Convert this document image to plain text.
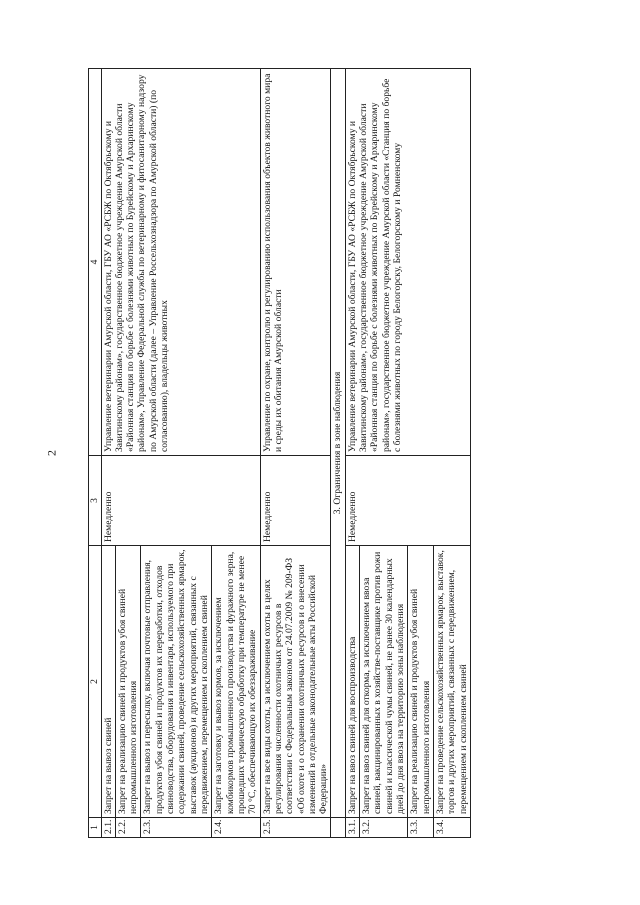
2
1	2	3	4
2.1.	Запрет на вывоз свиней	Немедленно	Управление ветеринарии Амурской области, ГБУ АО «РСБЖ по Октябрьскому и Завитинскому районам», государственное бюджетное учреждение Амурской области «Районная станция по борьбе с болезнями животных по Бурейскому и Архаринскому районам», Управление Федеральной службы по ветеринарному и фитосанитарному надзору по Амурской области (далее – Управление Россельхознадзора по Амурской области) (по согласованию), владельцы животных
2.2.	Запрет на реализацию свиней и продуктов убоя свиней непромышленного изготовления		
2.3.	Запрет на вывоз и пересылку, включая почтовые отправления, продуктов убоя свиней и продуктов их переработки, отходов свиноводства, оборудования и инвентаря, используемого при содержании свиней, проведение сельскохозяйственных ярмарок, выставок (аукционов) и других мероприятий, связанных с передвижением, перемещением и скоплением свиней		
2.4.	Запрет на заготовку и вывоз кормов, за исключением комбикормов промышленного производства и фуражного зерна, прошедших термическую обработку при температуре не менее 70 °С, обеспечивающую их обеззараживание		
2.5.	Запрет на все виды охоты, за исключением охоты в целях регулирования численности охотничьих ресурсов в соответствии с Федеральным законом от 24.07.2009 № 209-ФЗ «Об охоте и о сохранении охотничьих ресурсов и о внесении изменений в отдельные законодательные акты Российской Федерации»	Немедленно	Управление по охране, контролю и регулированию использования объектов животного мира и среды их обитания Амурской области
	3. Ограничения в зоне наблюдения		
3.1.	Запрет на ввоз свиней для воспроизводства	Немедленно	Управление ветеринарии Амурской области, ГБУ АО «РСБЖ по Октябрьскому и Завитинскому районам», государственное бюджетное учреждение Амурской области «Районная станция по борьбе с болезнями животных по Бурейскому и Архаринскому районам», государственное бюджетное учреждение Амурской области «Станция по борьбе с болезнями животных по городу Белогорску, Белогорскому и Ромненскому
3.2.	Запрет на ввоз свиней для откорма, за исключением ввоза свиней, вакцинированных в хозяйстве-поставщике против рожи свиней и классической чумы свиней, не ранее 30 календарных дней до дня ввоза на территорию зоны наблюдения		
3.3.	Запрет на реализацию свиней и продуктов убоя свиней непромышленного изготовления		
3.4.	Запрет на проведение сельскохозяйственных ярмарок, выставок, торгов и других мероприятий, связанных с передвижением, перемещением и скоплением свиней		
